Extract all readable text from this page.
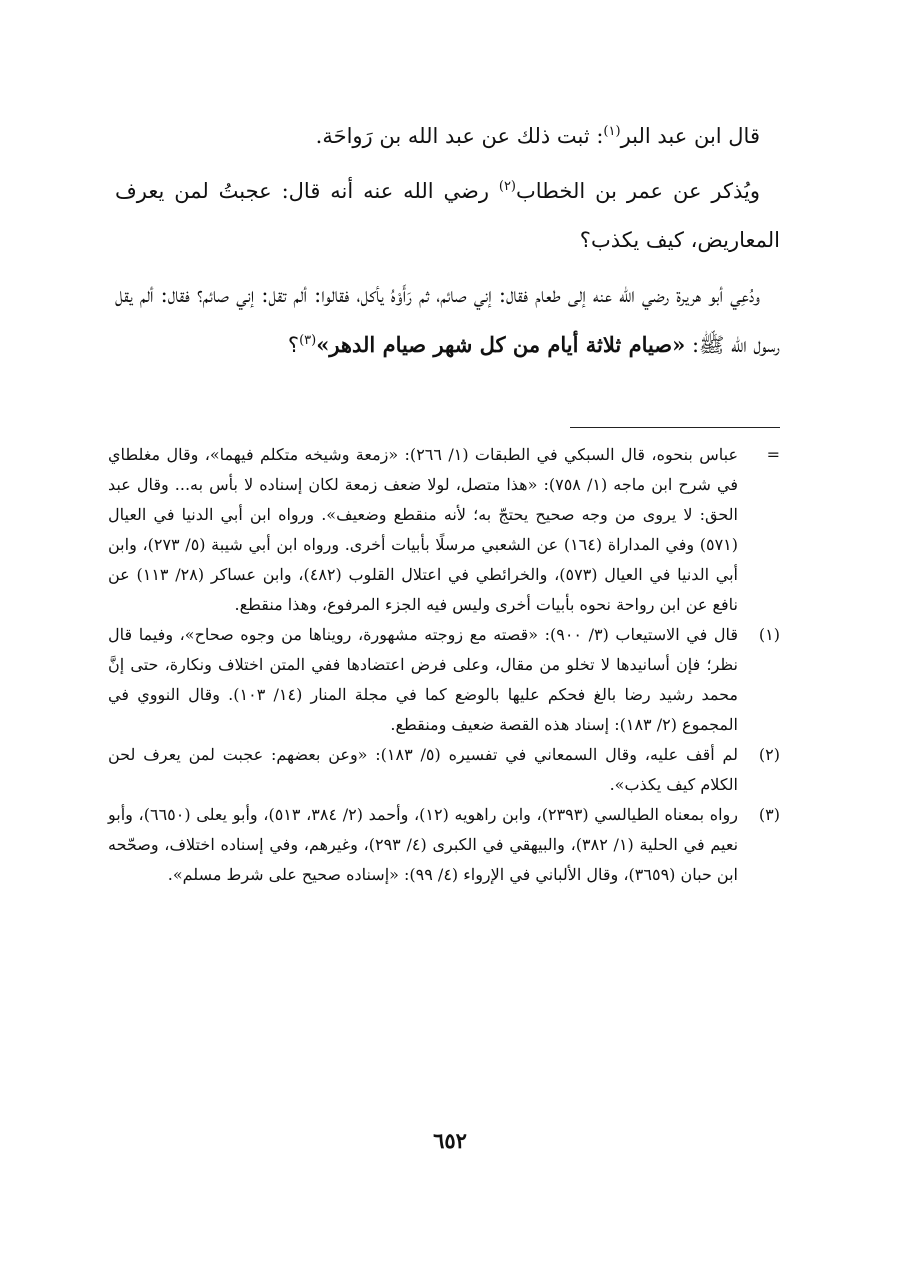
قال ابن عبد البر$^{(١)}$: ثبت ذلك عن عبد الله بن رَواحَة.

ويُذكر عن عمر بن الخطاب$^{(٢)}$ رضي الله عنه أنه قال: عجبتُ لمن يعرف المعاريض، كيف يكذب؟

ودُعِي أبو هريرة رضي الله عنه إلى طعام فقال: إني صائم، ثم رَأَوْهُ يأكل، فقالوا: ألم تقل: إني صائم؟ فقال: ألم يقل رسول الله ﷺ: «صيام ثلاثة أيام من كل شهر صيام الدهر»$^{(٣)}$؟

=
عباس بنحوه، قال السبكي في الطبقات (١/ ٢٦٦): «زمعة وشيخه متكلم فيهما»، وقال مغلطاي في شرح ابن ماجه (١/ ٧٥٨): «هذا متصل، لولا ضعف زمعة لكان إسناده لا بأس به... وقال عبد الحق: لا يروى من وجه صحيح يحتجّ به؛ لأنه منقطع وضعيف». ورواه ابن أبي الدنيا في العيال (٥٧١) وفي المداراة (١٦٤) عن الشعبي مرسلًا بأبيات أخرى. ورواه ابن أبي شيبة (٥/ ٢٧٣)، وابن أبي الدنيا في العيال (٥٧٣)، والخرائطي في اعتلال القلوب (٤٨٢)، وابن عساكر (٢٨/ ١١٣) عن نافع عن ابن رواحة نحوه بأبيات أخرى وليس فيه الجزء المرفوع، وهذا منقطع.
(١)
قال في الاستيعاب (٣/ ٩٠٠): «قصته مع زوجته مشهورة، رويناها من وجوه صحاح»، وفيما قال نظر؛ فإن أسانيدها لا تخلو من مقال، وعلى فرض اعتضادها ففي المتن اختلاف ونكارة، حتى إنَّ محمد رشيد رضا بالغ فحكم عليها بالوضع كما في مجلة المنار (١٤/ ١٠٣). وقال النووي في المجموع (٢/ ١٨٣): إسناد هذه القصة ضعيف ومنقطع.
(٢)
لم أقف عليه، وقال السمعاني في تفسيره (٥/ ١٨٣): «وعن بعضهم: عجبت لمن يعرف لحن الكلام كيف يكذب».
(٣)
رواه بمعناه الطيالسي (٢٣٩٣)، وابن راهويه (١٢)، وأحمد (٢/ ٣٨٤، ٥١٣)، وأبو يعلى (٦٦٥٠)، وأبو نعيم في الحلية (١/ ٣٨٢)، والبيهقي في الكبرى (٤/ ٢٩٣)، وغيرهم، وفي إسناده اختلاف، وصحّحه ابن حبان (٣٦٥٩)، وقال الألباني في الإرواء (٤/ ٩٩): «إسناده صحيح على شرط مسلم».
٦٥٢
